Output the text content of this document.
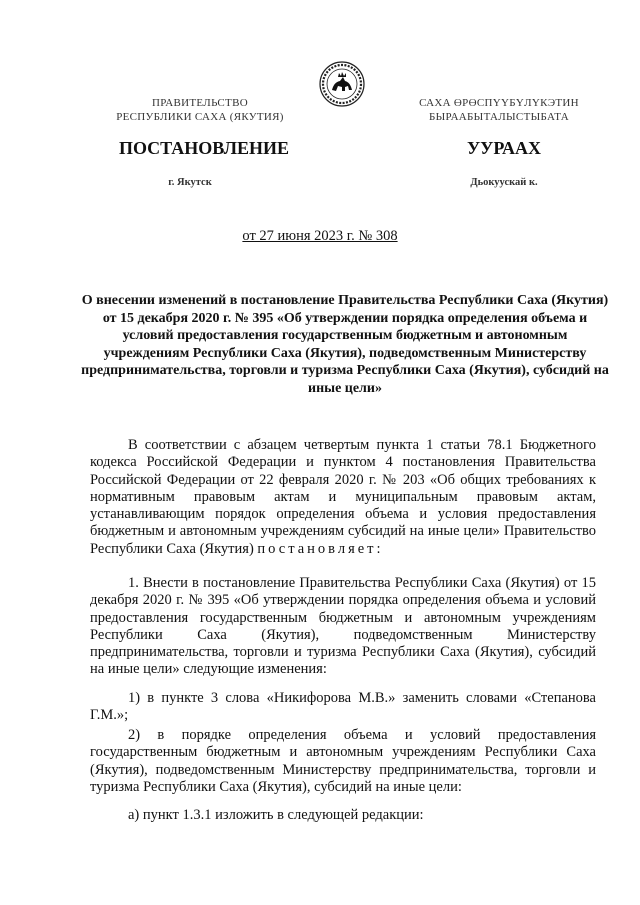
ПРАВИТЕЛЬСТВО
РЕСПУБЛИКИ САХА (ЯКУТИЯ)
САХА ӨРӨСПҮҮБҮЛҮКЭТИН
БЫРААБЫТАЛЫСТЫБАТА
ПОСТАНОВЛЕНИЕ	УУРААХ
г. Якутск	Дьокуускай к.
от 27 июня 2023 г. № 308
О внесении изменений в постановление Правительства Республики Саха (Якутия) от 15 декабря 2020 г. № 395 «Об утверждении порядка определения объема и условий предоставления государственным бюджетным и автономным учреждениям Республики Саха (Якутия), подведомственным Министерству предпринимательства, торговли и туризма Республики Саха (Якутия), субсидий на иные цели»

В соответствии с абзацем четвертым пункта 1 статьи 78.1 Бюджетного кодекса Российской Федерации и пунктом 4 постановления Правительства Российской Федерации от 22 февраля 2020 г. № 203 «Об общих требованиях к нормативным правовым актам и муниципальным правовым актам, устанавливающим порядок определения объема и условия предоставления бюджетным и автономным учреждениям субсидий на иные цели» Правительство Республики Саха (Якутия) постановляет:

1. Внести в постановление Правительства Республики Саха (Якутия) от 15 декабря 2020 г. № 395 «Об утверждении порядка определения объема и условий предоставления государственным бюджетным и автономным учреждениям Республики Саха (Якутия), подведомственным Министерству предпринимательства, торговли и туризма Республики Саха (Якутия), субсидий на иные цели» следующие изменения:

1) в пункте 3 слова «Никифорова М.В.» заменить словами «Степанова Г.М.»;

2) в порядке определения объема и условий предоставления государственным бюджетным и автономным учреждениям Республики Саха (Якутия), подведомственным Министерству предпринимательства, торговли и туризма Республики Саха (Якутия), субсидий на иные цели:

а) пункт 1.3.1 изложить в следующей редакции:
